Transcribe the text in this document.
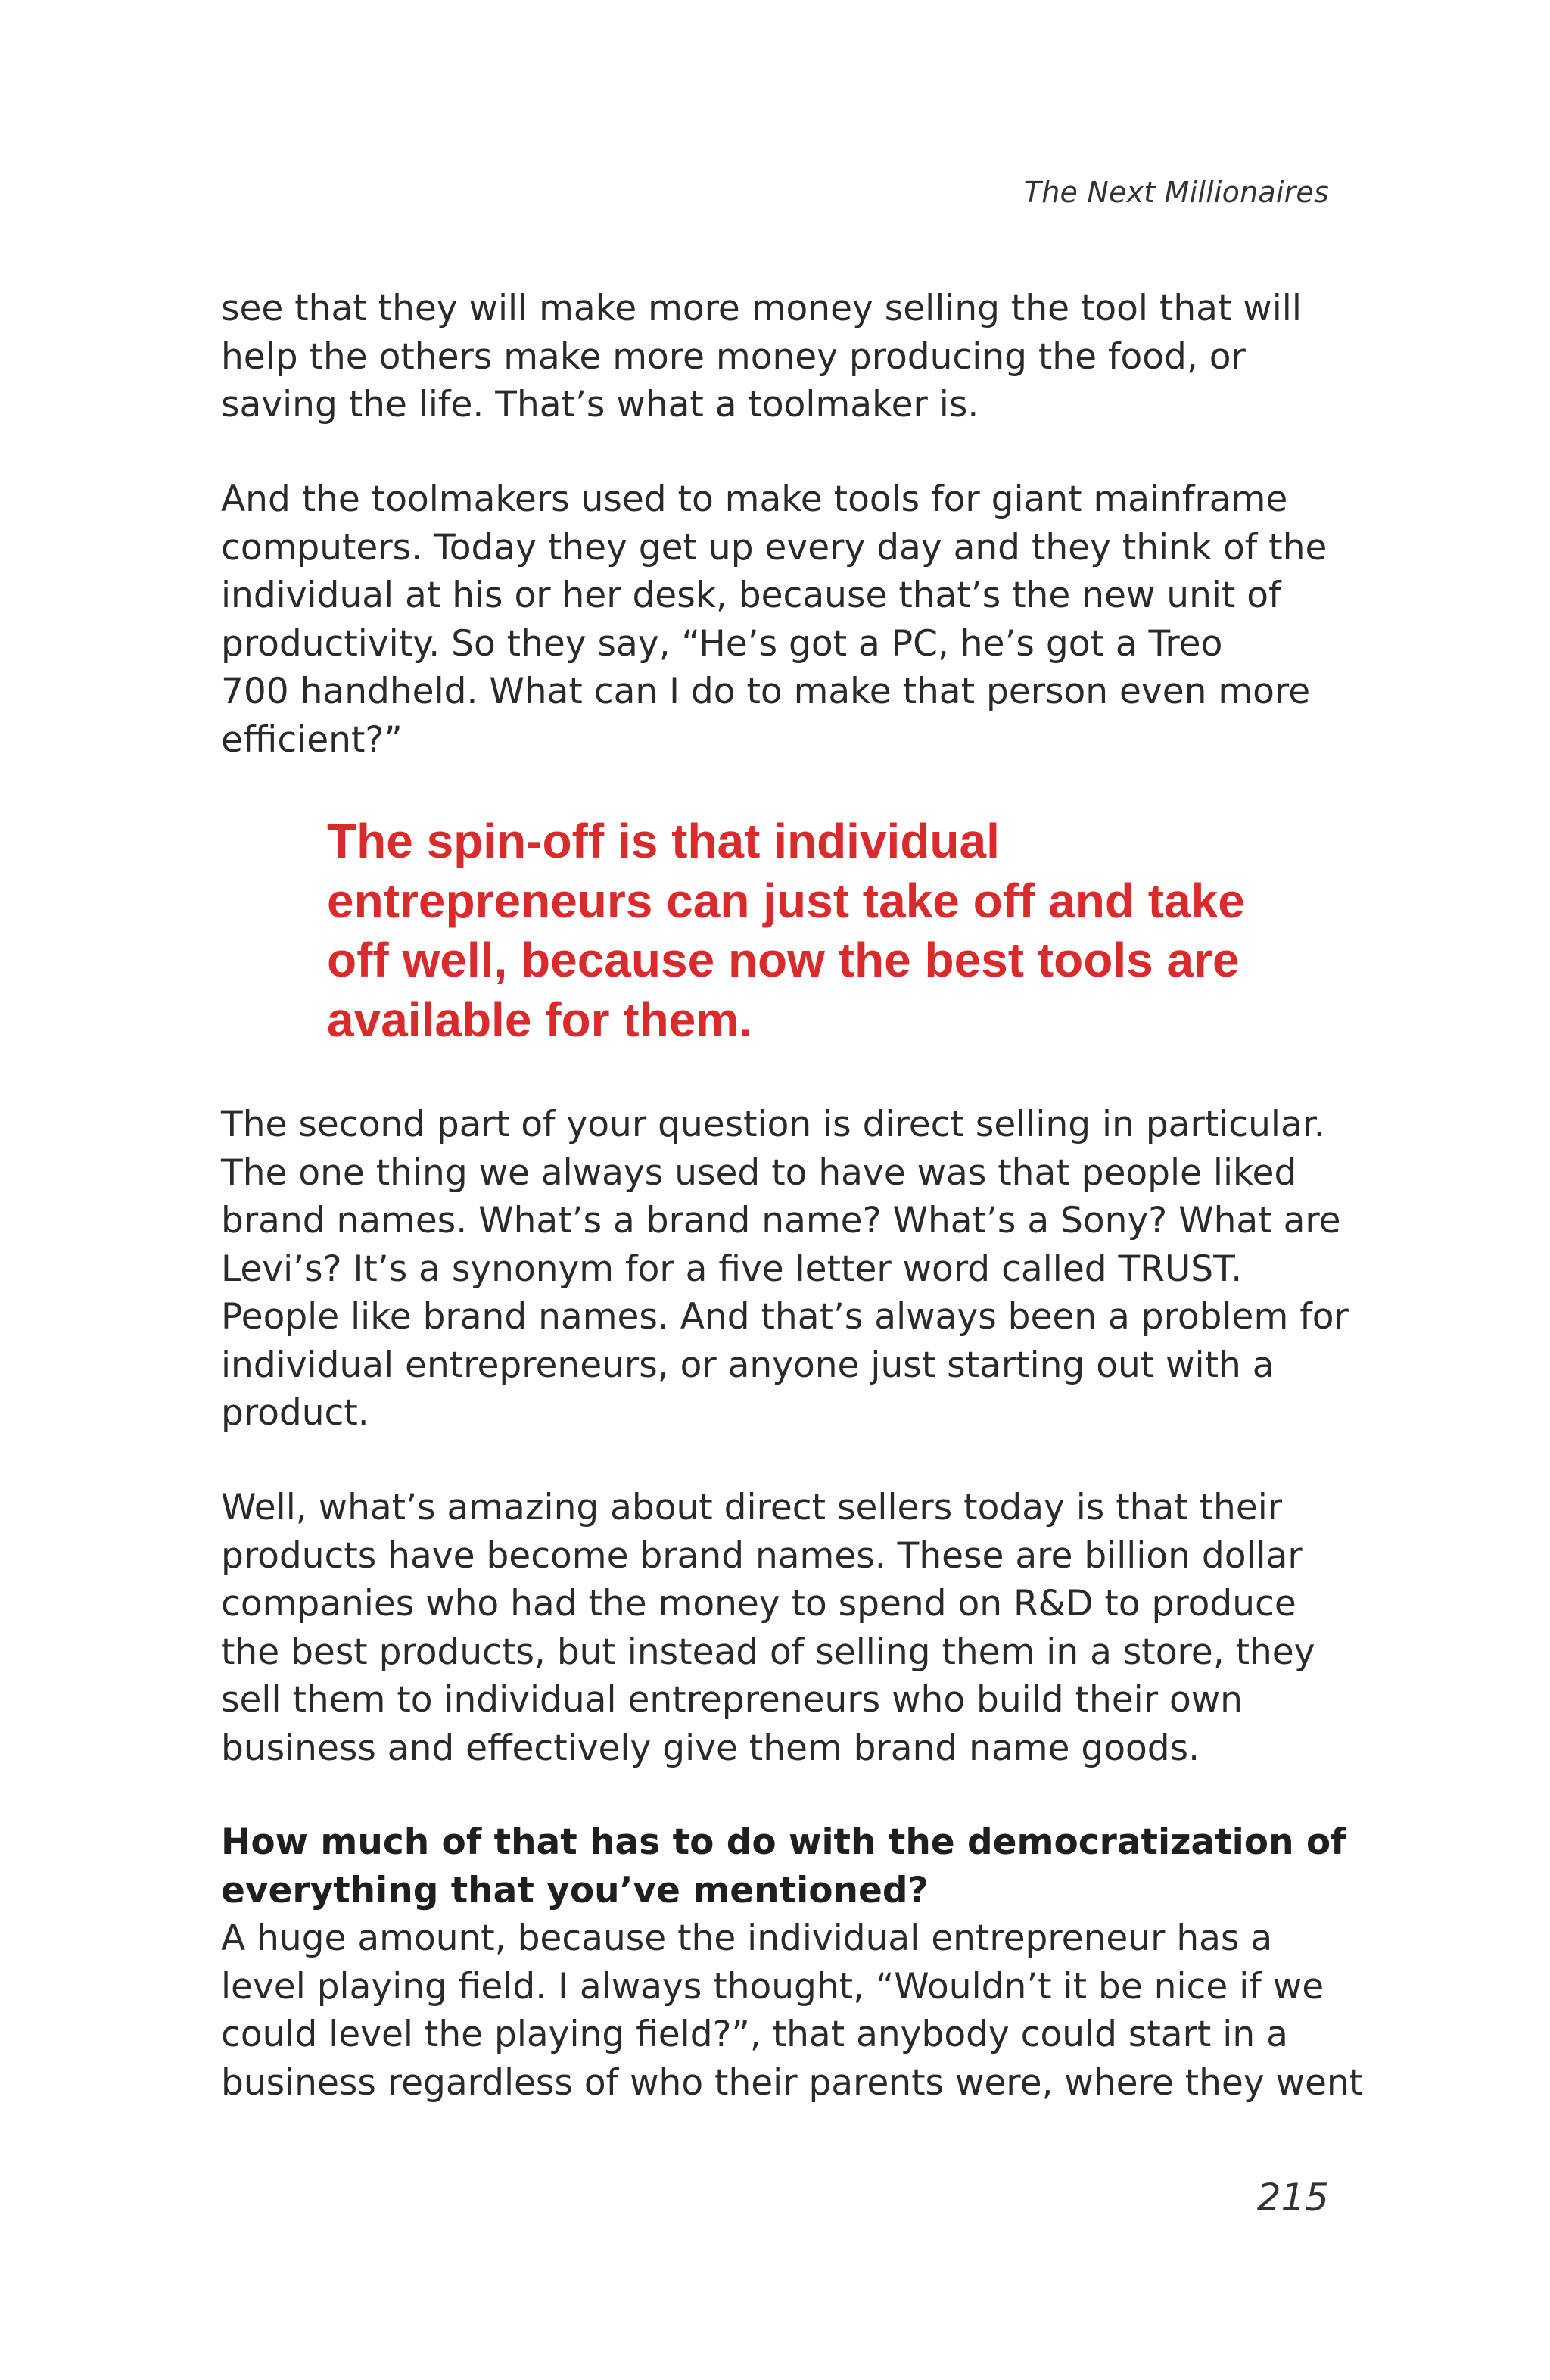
The Next Millionaires
see that they will make more money selling the tool that will
help the others make more money producing the food, or
saving the life. That’s what a toolmaker is.
And the toolmakers used to make tools for giant mainframe
computers. Today they get up every day and they think of the
individual at his or her desk, because that’s the new unit of
productivity. So they say, “He’s got a PC, he’s got a Treo
700 handheld. What can I do to make that person even more
efficient?”
The spin-off is that individual
entrepreneurs can just take off and take
off well, because now the best tools are
available for them.
The second part of your question is direct selling in particular.
The one thing we always used to have was that people liked
brand names. What’s a brand name? What’s a Sony? What are
Levi’s? It’s a synonym for a five letter word called TRUST.
People like brand names. And that’s always been a problem for
individual entrepreneurs, or anyone just starting out with a
product.
Well, what’s amazing about direct sellers today is that their
products have become brand names. These are billion dollar
companies who had the money to spend on R&D to produce
the best products, but instead of selling them in a store, they
sell them to individual entrepreneurs who build their own
business and effectively give them brand name goods.
How much of that has to do with the democratization of
everything that you’ve mentioned?
A huge amount, because the individual entrepreneur has a
level playing field. I always thought, “Wouldn’t it be nice if we
could level the playing field?”, that anybody could start in a
business regardless of who their parents were, where they went
215
